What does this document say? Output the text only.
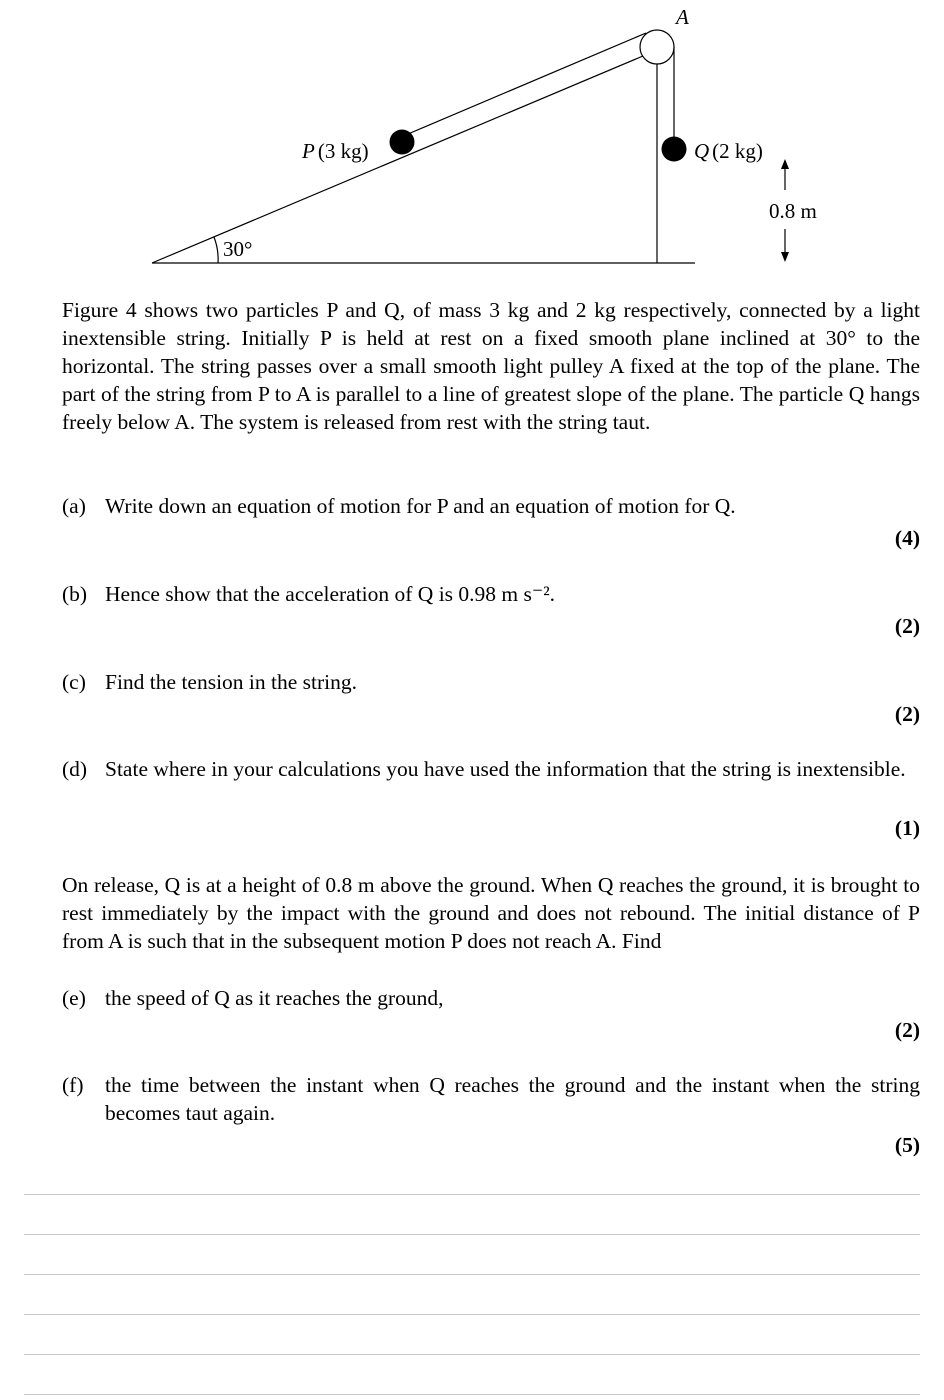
A
P (3 kg)	Q (2 kg)
0.8 m
30°
Figure 4 shows two particles P and Q, of mass 3 kg and 2 kg respectively, connected by a light inextensible string. Initially P is held at rest on a fixed smooth plane inclined at 30° to the horizontal. The string passes over a small smooth light pulley A fixed at the top of the plane. The part of the string from P to A is parallel to a line of greatest slope of the plane. The particle Q hangs freely below A. The system is released from rest with the string taut.
(a) Write down an equation of motion for P and an equation of motion for Q.
(4)
(b) Hence show that the acceleration of Q is 0.98 m s⁻².
(2)
(c) Find the tension in the string.
(2)
(d) State where in your calculations you have used the information that the string is inextensible.
(1)
On release, Q is at a height of 0.8 m above the ground. When Q reaches the ground, it is brought to rest immediately by the impact with the ground and does not rebound. The initial distance of P from A is such that in the subsequent motion P does not reach A. Find
(e) the speed of Q as it reaches the ground,
(2)
(f) the time between the instant when Q reaches the ground and the instant when the string becomes taut again.
(5)
